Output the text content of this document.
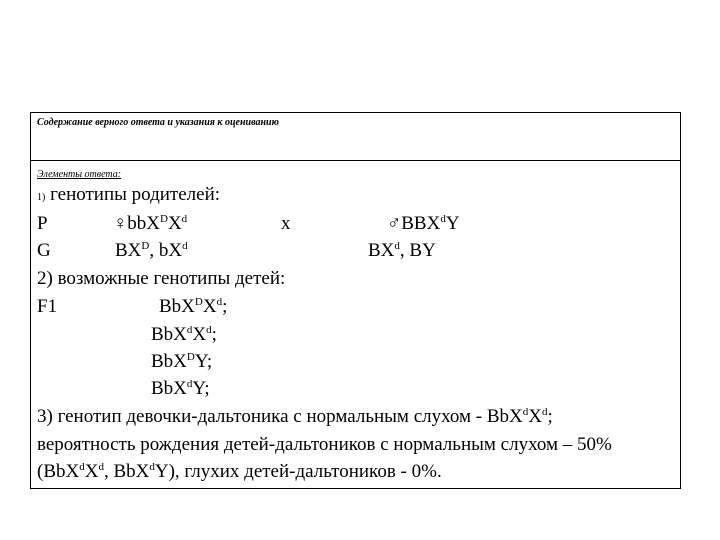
Содержание верного ответа и указания к оцениванию
Элементы ответа:
1) генотипы родителей:
P	$♀bbX^DX^d$	x	♂BBX$^d$Y
G	$BX^D$, $bX^d$	$BX^d$, BY
2) возможные генотипы детей:
F1	$BbX^DX^d$;
$BbX^dX^d$;
BbX$^D$Y;
BbX$^d$Y;
3) генотип девочки-дальтоника с нормальным слухом - $BbX^dX^d$;
вероятность рождения детей-дальтоников с нормальным слухом – 50%
($BbX^dX^d$, BbX$^d$Y), глухих детей-дальтоников - 0%.
